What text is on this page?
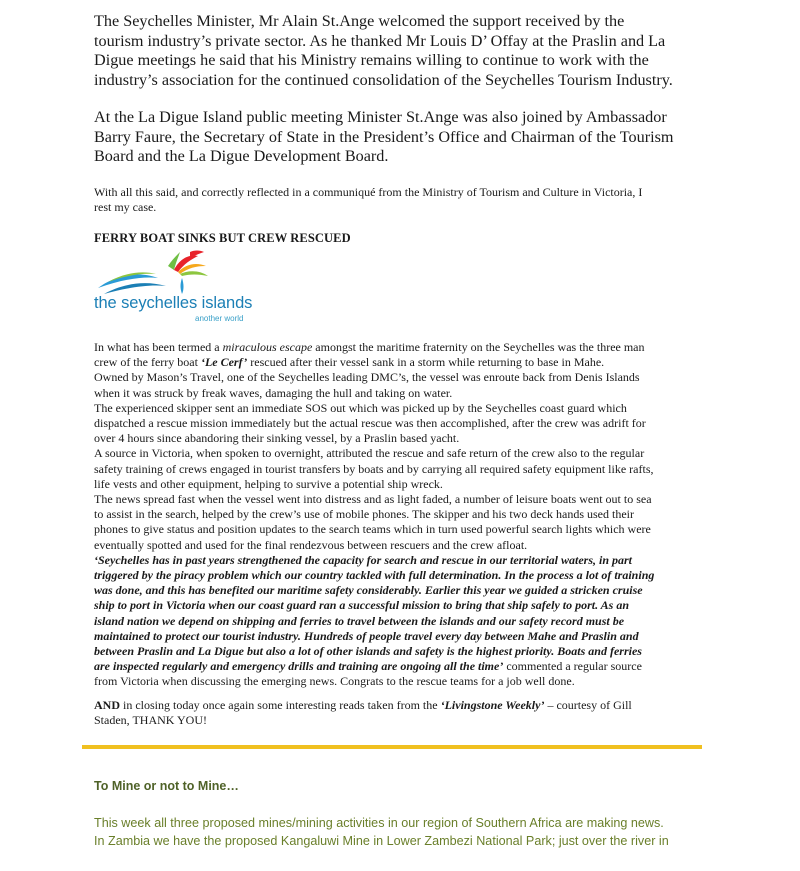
The Seychelles Minister, Mr Alain St.Ange welcomed the support received by the
tourism industry’s private sector. As he thanked Mr Louis D’ Offay at the Praslin and La
Digue meetings he said that his Ministry remains willing to continue to work with the
industry’s association for the continued consolidation of the Seychelles Tourism Industry.

At the La Digue Island public meeting Minister St.Ange was also joined by Ambassador
Barry Faure, the Secretary of State in the President’s Office and Chairman of the Tourism
Board and the La Digue Development Board.

With all this said, and correctly reflected in a communiqué from the Ministry of Tourism and Culture in Victoria, I
rest my case.

FERRY BOAT SINKS BUT CREW RESCUED
the seychelles islands
another world

In what has been termed a miraculous escape amongst the maritime fraternity on the Seychelles was the three man
crew of the ferry boat ‘Le Cerf’ rescued after their vessel sank in a storm while returning to base in Mahe.
Owned by Mason’s Travel, one of the Seychelles leading DMC’s, the vessel was enroute back from Denis Islands
when it was struck by freak waves, damaging the hull and taking on water.
The experienced skipper sent an immediate SOS out which was picked up by the Seychelles coast guard which
dispatched a rescue mission immediately but the actual rescue was then accomplished, after the crew was adrift for
over 4 hours since abandoring their sinking vessel, by a Praslin based yacht.
A source in Victoria, when spoken to overnight, attributed the rescue and safe return of the crew also to the regular
safety training of crews engaged in tourist transfers by boats and by carrying all required safety equipment like rafts,
life vests and other equipment, helping to survive a potential ship wreck.
The news spread fast when the vessel went into distress and as light faded, a number of leisure boats went out to sea
to assist in the search, helped by the crew’s use of mobile phones. The skipper and his two deck hands used their
phones to give status and position updates to the search teams which in turn used powerful search lights which were
eventually spotted and used for the final rendezvous between rescuers and the crew afloat.
‘Seychelles has in past years strengthened the capacity for search and rescue in our territorial waters, in part
triggered by the piracy problem which our country tackled with full determination. In the process a lot of training
was done, and this has benefited our maritime safety considerably. Earlier this year we guided a stricken cruise
ship to port in Victoria when our coast guard ran a successful mission to bring that ship safely to port. As an
island nation we depend on shipping and ferries to travel between the islands and our safety record must be
maintained to protect our tourist industry. Hundreds of people travel every day between Mahe and Praslin and
between Praslin and La Digue but also a lot of other islands and safety is the highest priority. Boats and ferries
are inspected regularly and emergency drills and training are ongoing all the time’ commented a regular source
from Victoria when discussing the emerging news. Congrats to the rescue teams for a job well done.

AND in closing today once again some interesting reads taken from the ‘Livingstone Weekly’ – courtesy of Gill
Staden, THANK YOU!

To Mine or not to Mine…

This week all three proposed mines/mining activities in our region of Southern Africa are making news.
In Zambia we have the proposed Kangaluwi Mine in Lower Zambezi National Park; just over the river in
